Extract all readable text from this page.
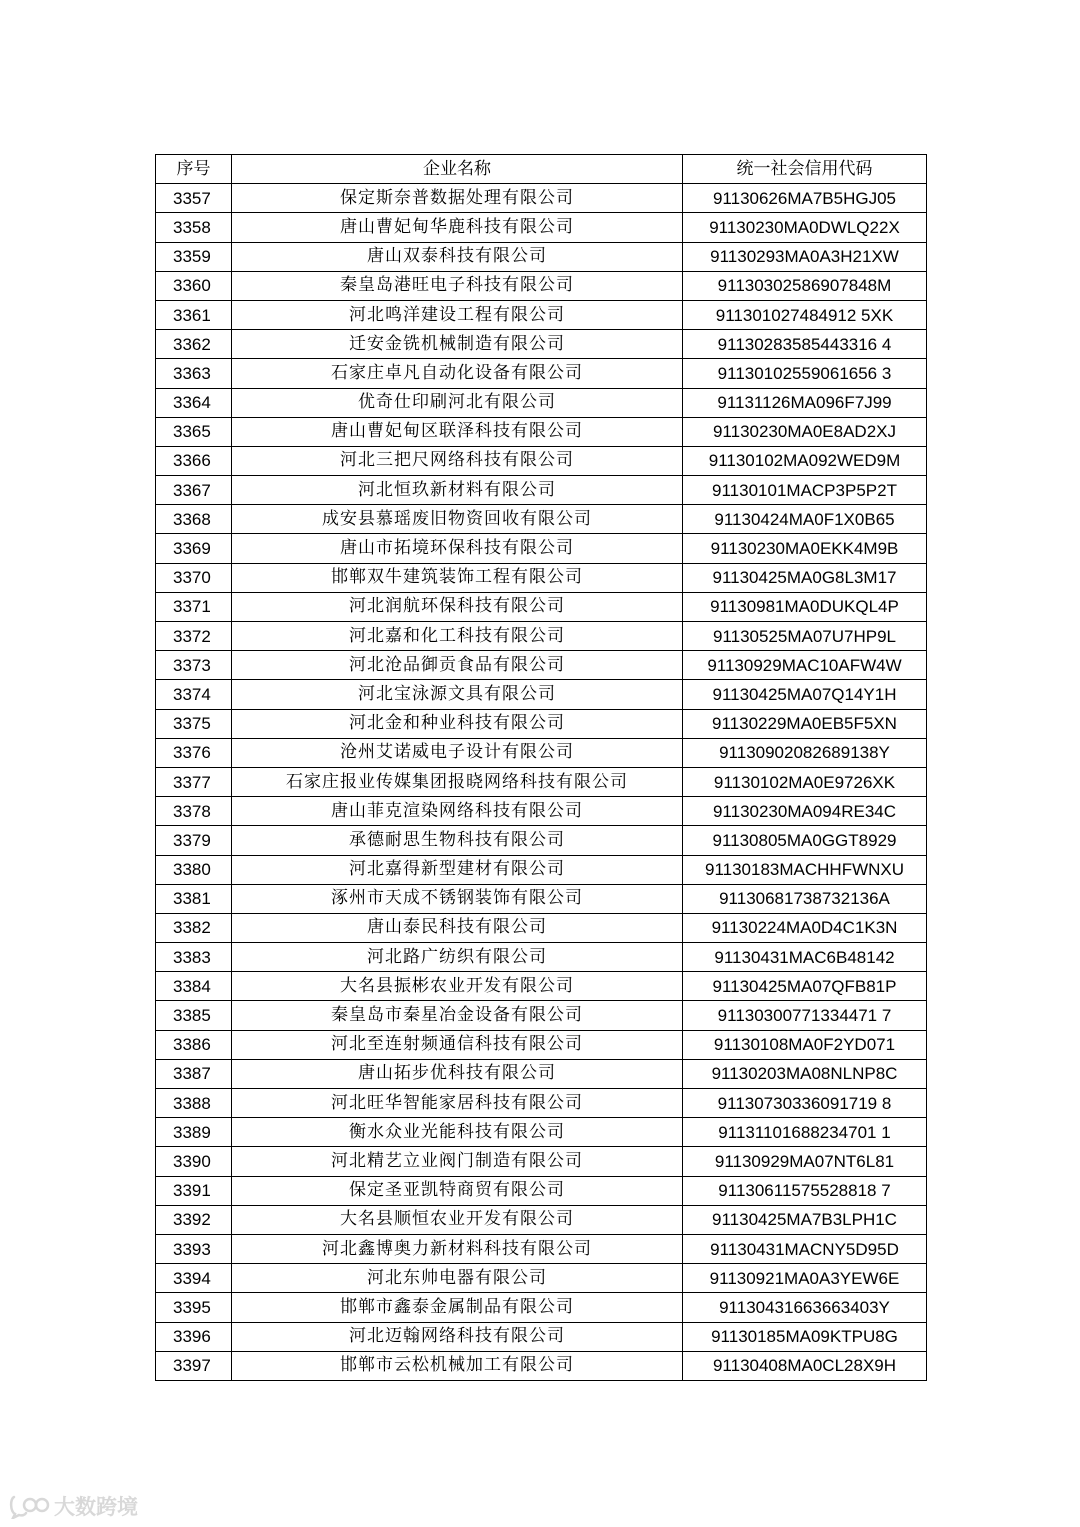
序号	企业名称	统一社会信用代码
3357	保定斯奈普数据处理有限公司	91130626MA7B5HGJ05
3358	唐山曹妃甸华鹿科技有限公司	91130230MA0DWLQ22X
3359	唐山双泰科技有限公司	91130293MA0A3H21XW
3360	秦皇岛港旺电子科技有限公司	91130302586907848M
3361	河北鸣洋建设工程有限公司	911301027484912 5XK
3362	迁安金铣机械制造有限公司	91130283585443316 4
3363	石家庄卓凡自动化设备有限公司	91130102559061656 3
3364	优奇仕印刷河北有限公司	91131126MA096F7J99
3365	唐山曹妃甸区联泽科技有限公司	91130230MA0E8AD2XJ
3366	河北三把尺网络科技有限公司	91130102MA092WED9M
3367	河北恒玖新材料有限公司	91130101MACP3P5P2T
3368	成安县慕瑶废旧物资回收有限公司	91130424MA0F1X0B65
3369	唐山市拓境环保科技有限公司	91130230MA0EKK4M9B
3370	邯郸双牛建筑装饰工程有限公司	91130425MA0G8L3M17
3371	河北润航环保科技有限公司	91130981MA0DUKQL4P
3372	河北嘉和化工科技有限公司	91130525MA07U7HP9L
3373	河北沧品御贡食品有限公司	91130929MAC10AFW4W
3374	河北宝泳源文具有限公司	91130425MA07Q14Y1H
3375	河北金和种业科技有限公司	91130229MA0EB5F5XN
3376	沧州艾诺威电子设计有限公司	91130902082689138Y
3377	石家庄报业传媒集团报晓网络科技有限公司	91130102MA0E9726XK
3378	唐山菲克渲染网络科技有限公司	91130230MA094RE34C
3379	承德耐思生物科技有限公司	91130805MA0GGT8929
3380	河北嘉得新型建材有限公司	91130183MACHHFWNXU
3381	涿州市天成不锈钢装饰有限公司	91130681738732136A
3382	唐山泰民科技有限公司	91130224MA0D4C1K3N
3383	河北路广纺织有限公司	91130431MAC6B48142
3384	大名县振彬农业开发有限公司	91130425MA07QFB81P
3385	秦皇岛市秦星冶金设备有限公司	91130300771334471 7
3386	河北至连射频通信科技有限公司	91130108MA0F2YD071
3387	唐山拓步优科技有限公司	91130203MA08NLNP8C
3388	河北旺华智能家居科技有限公司	91130730336091719 8
3389	衡水众业光能科技有限公司	91131101688234701 1
3390	河北精艺立业阀门制造有限公司	91130929MA07NT6L81
3391	保定圣亚凯特商贸有限公司	91130611575528818 7
3392	大名县顺恒农业开发有限公司	91130425MA7B3LPH1C
3393	河北鑫博奥力新材料科技有限公司	91130431MACNY5D95D
3394	河北东帅电器有限公司	91130921MA0A3YEW6E
3395	邯郸市鑫泰金属制品有限公司	91130431663663403Y
3396	河北迈翰网络科技有限公司	91130185MA09KTPU8G
3397	邯郸市云松机械加工有限公司	91130408MA0CL28X9H
大数跨境
